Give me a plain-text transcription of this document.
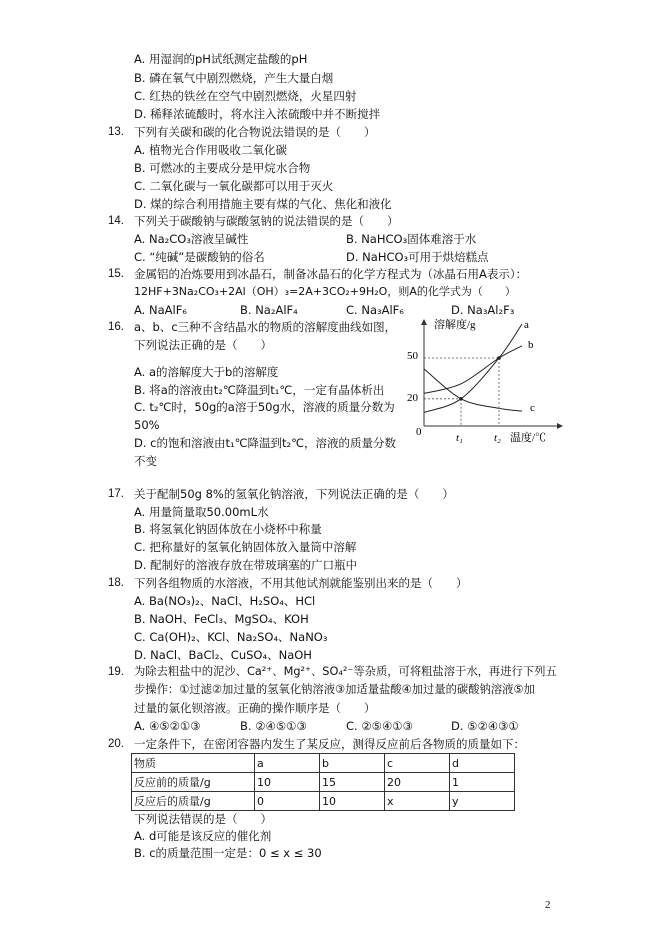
A. 用湿润的pH试纸测定盐酸的pH
B. 磷在氧气中剧烈燃烧，产生大量白烟
C. 红热的铁丝在空气中剧烈燃烧，火星四射
D. 稀释浓硫酸时，将水注入浓硫酸中并不断搅拌
13. 下列有关碳和碳的化合物说法错误的是（　　）
A. 植物光合作用吸收二氧化碳
B. 可燃冰的主要成分是甲烷水合物
C. 二氧化碳与一氧化碳都可以用于灭火
D. 煤的综合利用措施主要有煤的气化、焦化和液化
14. 下列关于碳酸钠与碳酸氢钠的说法错误的是（　　）
A. Na₂CO₃溶液呈碱性	B. NaHCO₃固体难溶于水
C. “纯碱”是碳酸钠的俗名	D. NaHCO₃可用于烘焙糕点
15. 金属铝的冶炼要用到冰晶石，制备冰晶石的化学方程式为（冰晶石用A表示）：
12HF+3Na₂CO₃+2Al（OH）₃=2A+3CO₂+9H₂O，则A的化学式为（　　）
A. NaAlF₆	B. Na₂AlF₄	C. Na₃AlF₆	D. Na₃Al₂F₃
16. a、b、c三种不含结晶水的物质的溶解度曲线如图，
下列说法正确的是（　　）
A. a的溶解度大于b的溶解度
B. 将a的溶液由t₂℃降温到t₁℃，一定有晶体析出
C. t₂℃时，50g的a溶于50g水，溶液的质量分数为
50%
D. c的饱和溶液由t₁℃降温到t₂℃，溶液的质量分数
不变
溶解度/g
温度/℃
0
50
20
t₁	t₂
a
b
c
17. 关于配制50g 8%的氢氧化钠溶液，下列说法正确的是（　　）
A. 用量筒量取50.00mL水
B. 将氢氧化钠固体放在小烧杯中称量
C. 把称量好的氢氧化钠固体放入量筒中溶解
D. 配制好的溶液存放在带玻璃塞的广口瓶中
18. 下列各组物质的水溶液，不用其他试剂就能鉴别出来的是（　　）
A. Ba(NO₃)₂、NaCl、H₂SO₄、HCl
B. NaOH、FeCl₃、MgSO₄、KOH
C. Ca(OH)₂、KCl、Na₂SO₄、NaNO₃
D. NaCl、BaCl₂、CuSO₄、NaOH
19. 为除去粗盐中的泥沙、Ca²⁺、Mg²⁺、SO₄²⁻等杂质，可将粗盐溶于水，再进行下列五
步操作：①过滤②加过量的氢氧化钠溶液③加适量盐酸④加过量的碳酸钠溶液⑤加
过量的氯化钡溶液。正确的操作顺序是（　　）
A. ④⑤②①③	B. ②④⑤①③	C. ②⑤④①③	D. ⑤②④③①
20. 一定条件下，在密闭容器内发生了某反应，测得反应前后各物质的质量如下：
物质	a	b	c	d
反应前的质量/g	10	15	20	1
反应后的质量/g	0	10	x	y
下列说法错误的是（　　）
A. d可能是该反应的催化剂
B. c的质量范围一定是：0 ≤ x ≤ 30
2
